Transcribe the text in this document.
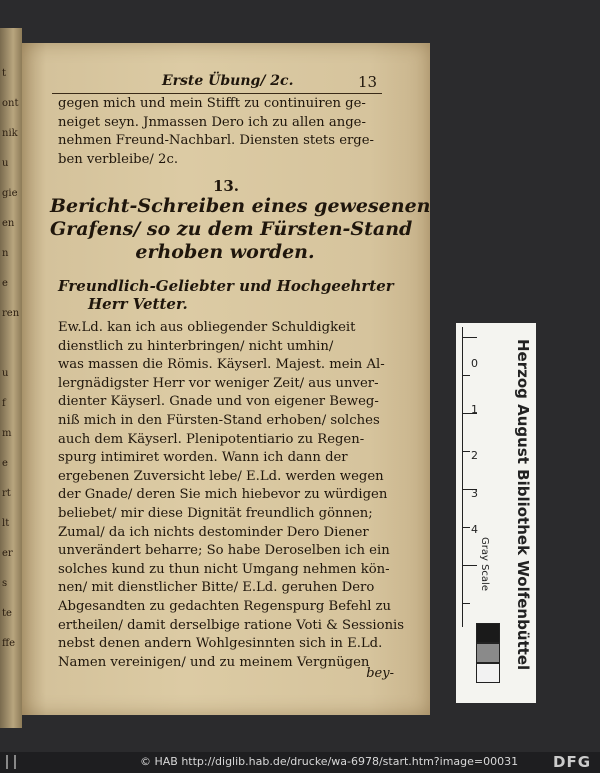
t
ont
nik
u
gie
en
n
e
ren
u
f
m
e
rt
lt
er
s
te
ffe
Erste Übung/ 2c.	13
gegen mich und mein Stifft zu continuiren ge-
neiget seyn. Jnmassen Dero ich zu allen ange-
nehmen Freund-Nachbarl. Diensten stets erge-
ben verbleibe/ 2c.
13.
Bericht-Schreiben eines gewesenen
Grafens/ so zu dem Fürsten-Stand
erhoben worden.
Freundlich-Geliebter und Hochgeehrter
Herr Vetter.
Ew.Ld. kan ich aus obliegender Schuldigkeit
dienstlich zu hinterbringen/ nicht umhin/
was massen die Römis. Käyserl. Majest. mein Al-
lergnädigster Herr vor weniger Zeit/ aus unver-
dienter Käyserl. Gnade und von eigener Beweg-
niß mich in den Fürsten-Stand erhoben/ solches
auch dem Käyserl. Plenipotentiario zu Regen-
spurg intimiret worden. Wann ich dann der
ergebenen Zuversicht lebe/ E.Ld. werden wegen
der Gnade/ deren Sie mich hiebevor zu würdigen
beliebet/ mir diese Dignität freundlich gönnen;
Zumal/ da ich nichts destominder Dero Diener
unverändert beharre; So habe Deroselben ich ein
solches kund zu thun nicht Umgang nehmen kön-
nen/ mit dienstlicher Bitte/ E.Ld. geruhen Dero
Abgesandten zu gedachten Regenspurg Befehl zu
ertheilen/ damit derselbige ratione Voti & Sessionis
nebst denen andern Wohlgesinnten sich in E.Ld.
Namen vereinigen/ und zu meinem Vergnügen
bey-
0
1
2
3
4 Herzog August Bibliothek Wolfenbüttel
Gray Scale
© HAB http://diglib.hab.de/drucke/wa-6978/start.htm?image=00031 DFG
